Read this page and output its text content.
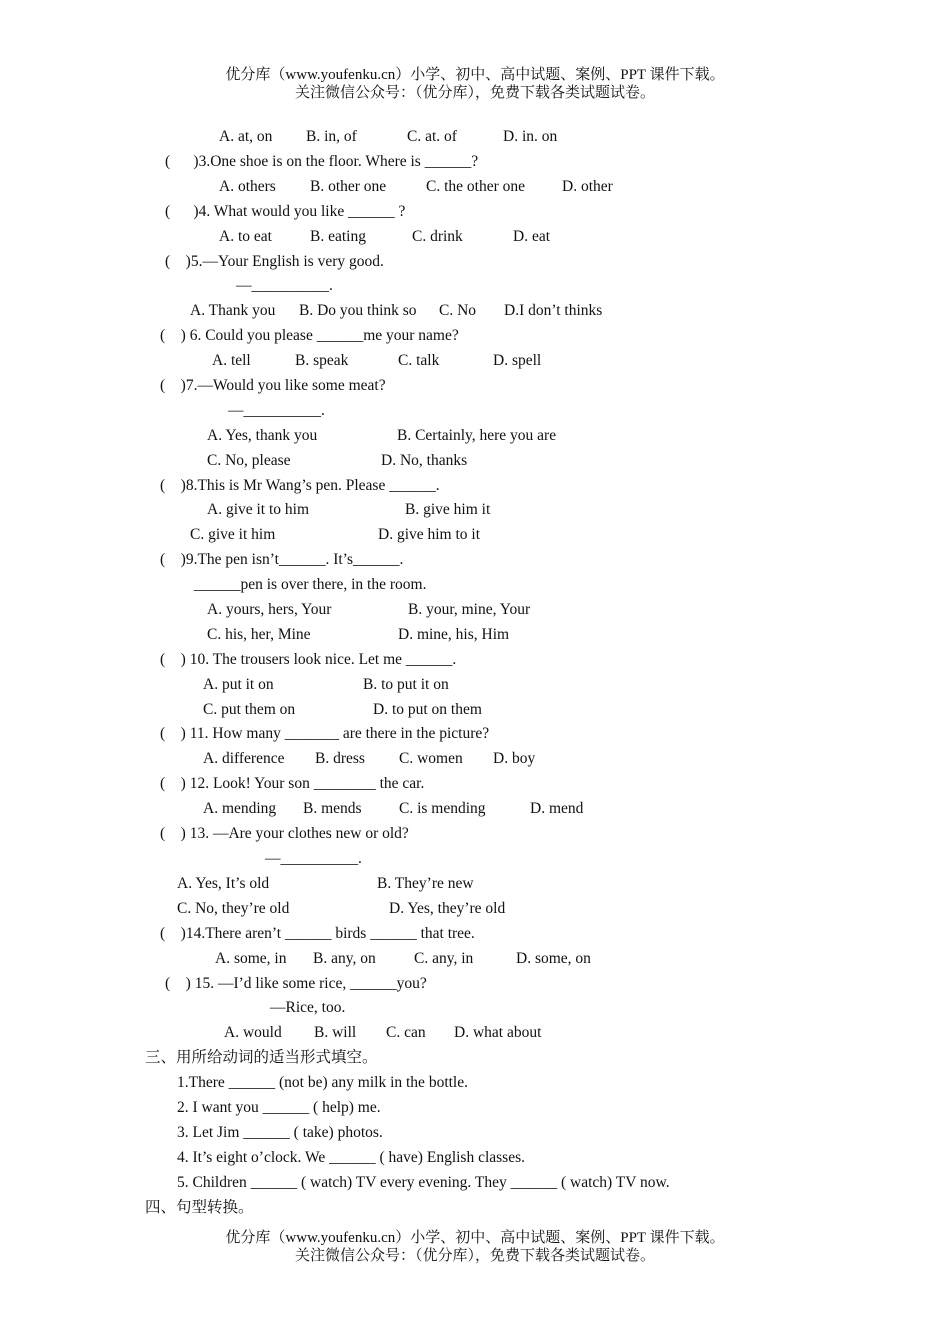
优分库（www.youfenku.cn）小学、初中、高中试题、案例、PPT 课件下载。
关注微信公众号：（优分库），免费下载各类试题试卷。
A. at, on B. in, of	C. at. of	D. in. on
(      )3.One shoe is on the floor. Where is ______?
A. others B. other one	C. the other one D. other
(      )4. What would you like ______ ?
A. to eat B. eating	C. drink	D. eat
(    )5.—Your English is very good.
—__________.
A. Thank you B. Do you think so C. No D.I don’t thinks
(    ) 6. Could you please ______me your name?
A. tell	B. speak	C. talk	D. spell
(    )7.—Would you like some meat?
—__________.
A. Yes, thank you	B. Certainly, here you are
C. No, please	D. No, thanks
(    )8.This is Mr Wang’s pen. Please ______.
A. give it to him	B. give him it
C. give it him	D. give him to it
(    )9.The pen isn’t______. It’s______.
______pen is over there, in the room.
A. yours, hers, Your	B. your, mine, Your
C. his, her, Mine	D. mine, his, Him
(    ) 10. The trousers look nice. Let me ______.
A. put it on	B. to put it on
C. put them on	D. to put on them
(    ) 11. How many _______ are there in the picture?
A. difference B. dress C. women D. boy
(    ) 12. Look! Your son ________ the car.
A. mending B. mends C. is mending	D. mend
(    ) 13. —Are your clothes new or old?
—__________.
A. Yes, It’s old	B. They’re new
C. No, they’re old	D. Yes, they’re old
(    )14.There aren’t ______ birds ______ that tree.
A. some, in B. any, on C. any, in	D. some, on
(    ) 15. —I’d like some rice, ______you?
—Rice, too.
A. would B. will C. can D. what about
三、用所给动词的适当形式填空。
1.There ______ (not be) any milk in the bottle.
2. I want you ______ ( help) me.
3. Let Jim ______ ( take) photos.
4. It’s eight o’clock. We ______ ( have) English classes.
5. Children ______ ( watch) TV every evening. They ______ ( watch) TV now.
四、句型转换。
优分库（www.youfenku.cn）小学、初中、高中试题、案例、PPT 课件下载。
关注微信公众号：（优分库），免费下载各类试题试卷。
